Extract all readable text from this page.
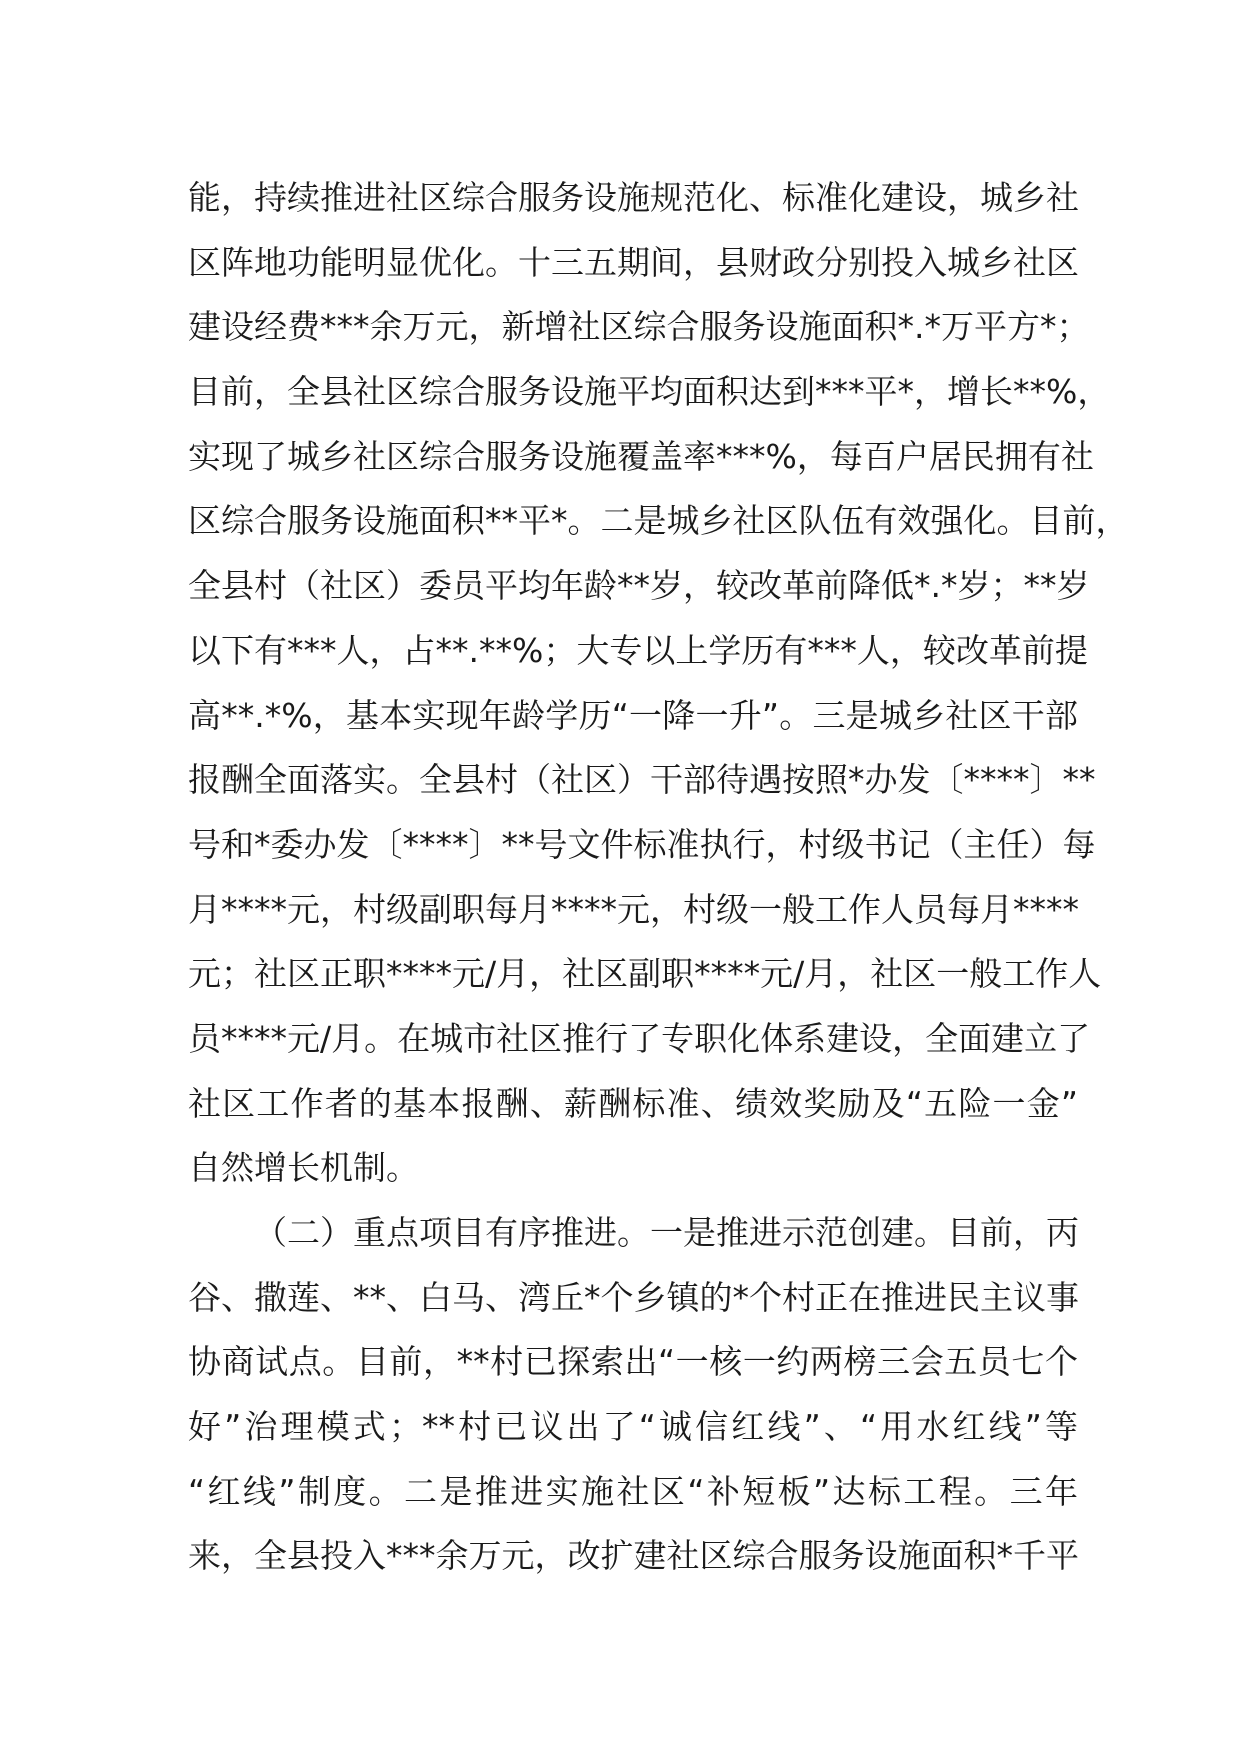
能，持续推进社区综合服务设施规范化、标准化建设，城乡社
区阵地功能明显优化。十三五期间，县财政分别投入城乡社区
建设经费***余万元，新增社区综合服务设施面积*.*万平方*；
目前，全县社区综合服务设施平均面积达到***平*，增长**%，
实现了城乡社区综合服务设施覆盖率***%，每百户居民拥有社
区综合服务设施面积**平*。二是城乡社区队伍有效强化。目前，
全县村（社区）委员平均年龄**岁，较改革前降低*.*岁；**岁
以下有***人，占**.**%；大专以上学历有***人，较改革前提
高**.*%，基本实现年龄学历“一降一升”。三是城乡社区干部
报酬全面落实。全县村（社区）干部待遇按照*办发〔****〕**
号和*委办发〔****〕**号文件标准执行，村级书记（主任）每
月****元，村级副职每月****元，村级一般工作人员每月****
元；社区正职****元/月，社区副职****元/月，社区一般工作人
员****元/月。在城市社区推行了专职化体系建设，全面建立了
社区工作者的基本报酬、薪酬标准、绩效奖励及“五险一金”
自然增长机制。
（二）重点项目有序推进。一是推进示范创建。目前，丙
谷、撒莲、**、白马、湾丘*个乡镇的*个村正在推进民主议事
协商试点。目前，**村已探索出“一核一约两榜三会五员七个
好”治理模式；**村已议出了“诚信红线”、“用水红线”等
“红线”制度。二是推进实施社区“补短板”达标工程。三年
来，全县投入***余万元，改扩建社区综合服务设施面积*千平
